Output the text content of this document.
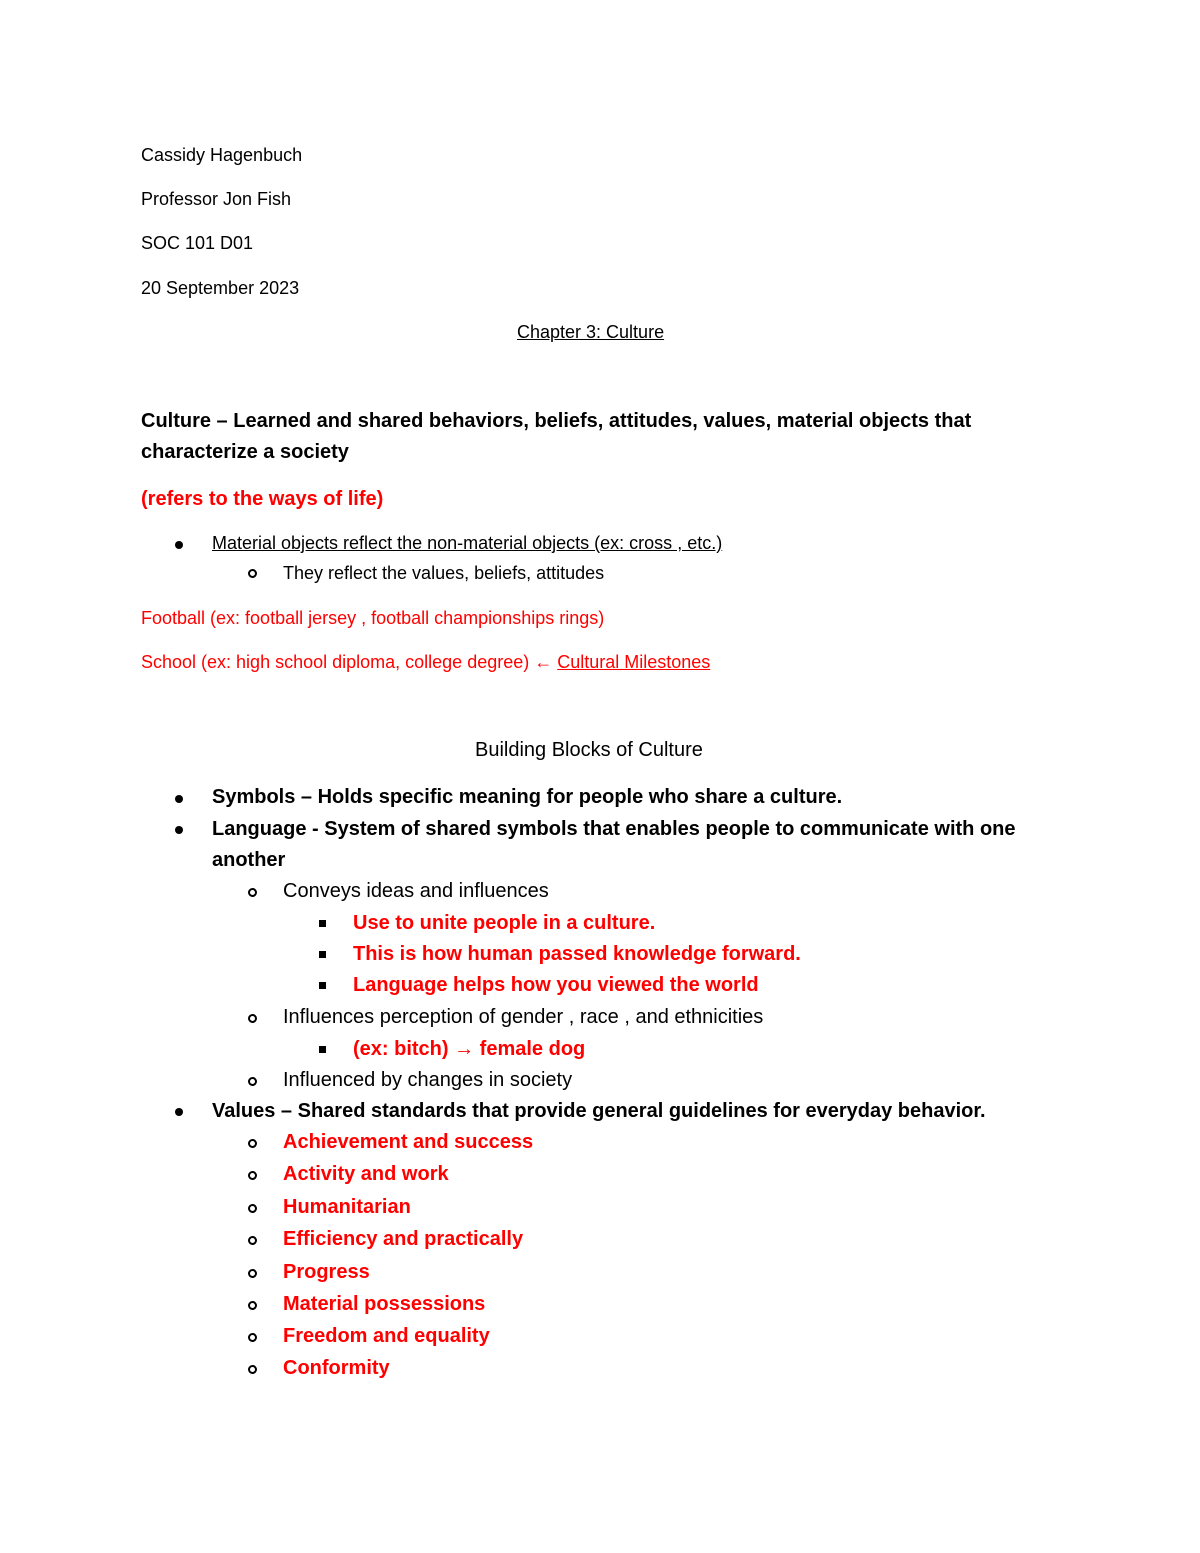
Cassidy Hagenbuch
Professor Jon Fish
SOC 101 D01
20 September 2023
Chapter 3: Culture
Culture – Learned and shared behaviors, beliefs, attitudes, values, material objects that
characterize a society
(refers to the ways of life)
Material objects reflect the non-material objects (ex: cross , etc.)
They reflect the values, beliefs, attitudes
Football (ex: football jersey , football championships rings)
School (ex: high school diploma, college degree) ← Cultural Milestones
Building Blocks of Culture
Symbols – Holds specific meaning for people who share a culture.
Language - System of shared symbols that enables people to communicate with one
another
Conveys ideas and influences
Use to unite people in a culture.
This is how human passed knowledge forward.
Language helps how you viewed the world
Influences perception of gender , race , and ethnicities
(ex: bitch) → female dog
Influenced by changes in society
Values – Shared standards that provide general guidelines for everyday behavior.
Achievement and success
Activity and work
Humanitarian
Efficiency and practically
Progress
Material possessions
Freedom and equality
Conformity
